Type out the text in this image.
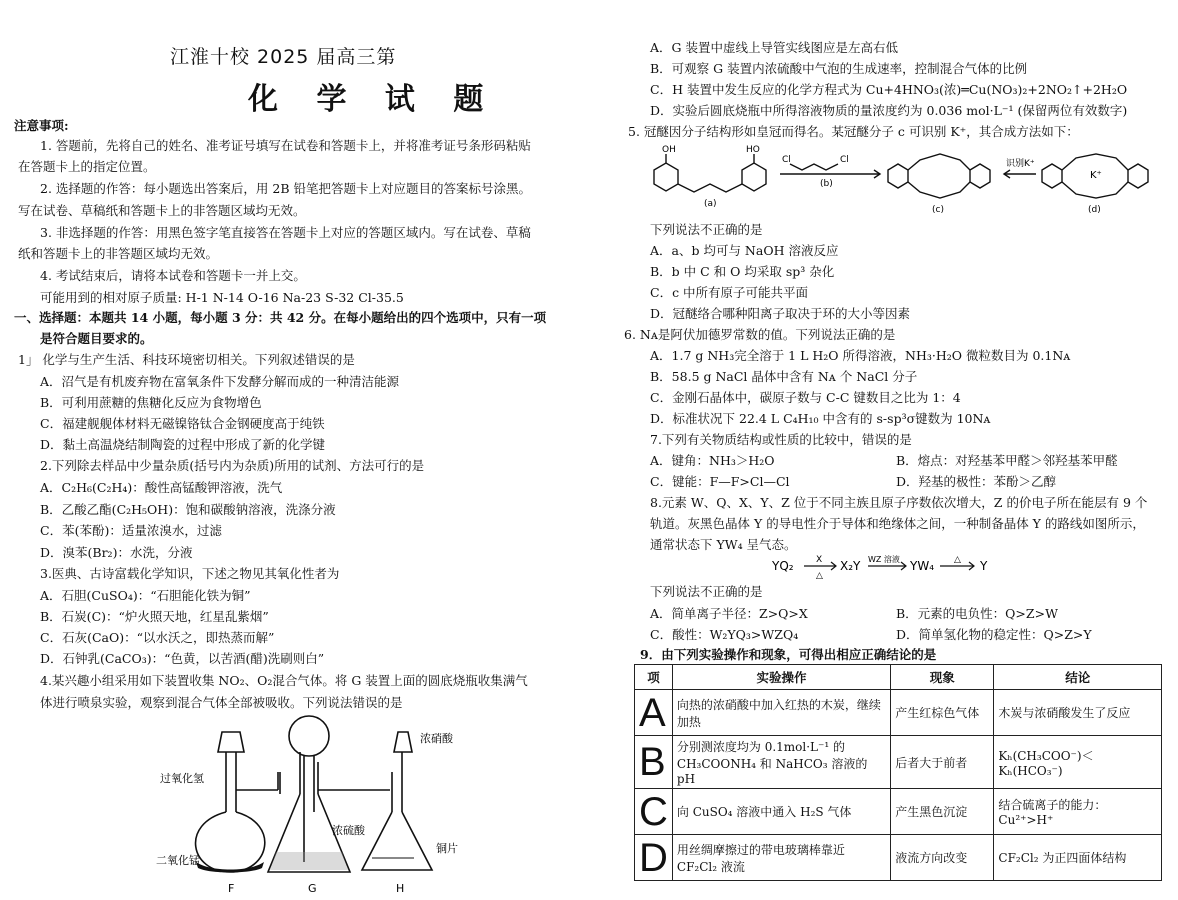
江淮十校 2025 届高三第
化 学 试 题
注意事项:
1. 答题前，先将自己的姓名、准考证号填写在试卷和答题卡上，并将准考证号条形码粘贴
在答题卡上的指定位置。
2. 选择题的作答：每小题选出答案后，用 2B 铅笔把答题卡上对应题目的答案标号涂黑。
写在试卷、草稿纸和答题卡上的非答题区域均无效。
3. 非选择题的作答：用黑色签字笔直接答在答题卡上对应的答题区域内。写在试卷、草稿
纸和答题卡上的非答题区域均无效。
4. 考试结束后，请将本试卷和答题卡一并上交。
可能用到的相对原子质量: H-1 N-14 O-16 Na-23 S-32 Cl-35.5
一、选择题：本题共 14 小题，每小题 3 分：共 42 分。在每小题给出的四个选项中，只有一项
是符合题目要求的。
1」 化学与生产生活、科技环境密切相关。下列叙述错误的是
A．沼气是有机废弃物在富氧条件下发酵分解而成的一种清洁能源
B．可利用蔗糖的焦糖化反应为食物增色
C．福建舰舰体材料无磁镍铬钛合金钢硬度高于纯铁
D．黏土高温烧结制陶瓷的过程中形成了新的化学键
2.下列除去样品中少量杂质(括号内为杂质)所用的试剂、方法可行的是
A．C₂H₆(C₂H₄)：酸性高锰酸钾溶液，洗气
B．乙酸乙酯(C₂H₅OH)：饱和碳酸钠溶液，洗涤分液
C．苯(苯酚)：适量浓溴水，过滤
D．溴苯(Br₂)：水洗，分液
3.医典、古诗富载化学知识，下述之物见其氧化性者为
A．石胆(CuSO₄)：“石胆能化铁为铜”
B．石炭(C)：“炉火照天地，红星乱紫烟”
C．石灰(CaO)：“以水沃之，即热蒸而解”
D．石钟乳(CaCO₃)：“色黄，以苦酒(醋)洗刷则白”
4.某兴趣小组采用如下装置收集 NO₂、O₂混合气体。将 G 装置上面的圆底烧瓶收集满气
体进行喷泉实验，观察到混合气体全部被吸收。下列说法错误的是
过氧化氢
二氧化锰
F	G	H
浓硫酸
浓硝酸
铜片
A．G 装置中虚线上导管实线图应是左高右低
B．可观察 G 装置内浓硫酸中气泡的生成速率，控制混合气体的比例
C．H 装置中发生反应的化学方程式为 Cu+4HNO₃(浓)═Cu(NO₃)₂+2NO₂↑+2H₂O
D．实验后圆底烧瓶中所得溶液物质的量浓度约为 0.036 mol·L⁻¹ (保留两位有效数字)
5. 冠醚因分子结构形如皇冠而得名。某冠醚分子 c 可识别 K⁺，其合成方法如下：
OH	HO
Cl	Cl
(a)
(b)
(c)	(d)
识别K⁺
K⁺
下列说法不正确的是
A．a、b 均可与 NaOH 溶液反应
B．b 中 C 和 O 均采取 sp³ 杂化
C．c 中所有原子可能共平面
D．冠醚络合哪种阳离子取决于环的大小等因素
6. Nᴀ是阿伏加德罗常数的值。下列说法正确的是
A．1.7 g NH₃完全溶于 1 L H₂O 所得溶液，NH₃·H₂O 微粒数目为 0.1Nᴀ
B．58.5 g NaCl 晶体中含有 Nᴀ 个 NaCl 分子
C．金刚石晶体中，碳原子数与 C-C 键数目之比为 1：4
D．标准状况下 22.4 L C₄H₁₀ 中含有的 s-sp³σ键数为 10Nᴀ
7.下列有关物质结构或性质的比较中，错误的是
A．键角：NH₃＞H₂O	B．熔点：对羟基苯甲醛＞邻羟基苯甲醛
C．键能：F—F>Cl—Cl	D．羟基的极性：苯酚＞乙醇
8.元素 W、Q、X、Y、Z 位于不同主族且原子序数依次增大，Z 的价电子所在能层有 9 个
轨道。灰黑色晶体 Y 的导电性介于导体和绝缘体之间，一种制备晶体 Y 的路线如图所示，
通常状态下 YW₄ 呈气态。
YQ₂ X
△
X₂Y WZ 溶液 YW₄ △ Y
下列说法不正确的是
A．简单离子半径：Z>Q>X	B．元素的电负性：Q>Z>W
C．酸性：W₂YQ₃>WZQ₄	D．简单氢化物的稳定性：Q>Z>Y
9．由下列实验操作和现象，可得出相应正确结论的是
项	实验操作	现象	结论
A	向热的浓硝酸中加入红热的木炭，继续加热	产生红棕色气体	木炭与浓硝酸发生了反应
B	分别测浓度均为 0.1mol·L⁻¹ 的 CH₃COONH₄ 和 NaHCO₃ 溶液的 pH	后者大于前者	Kₕ(CH₃COO⁻)＜Kₕ(HCO₃⁻)
C	向 CuSO₄ 溶液中通入 H₂S 气体	产生黑色沉淀	结合硫离子的能力：Cu²⁺>H⁺
D	用丝绸摩擦过的带电玻璃棒靠近 CF₂Cl₂ 液流	液流方向改变	CF₂Cl₂ 为正四面体结构
